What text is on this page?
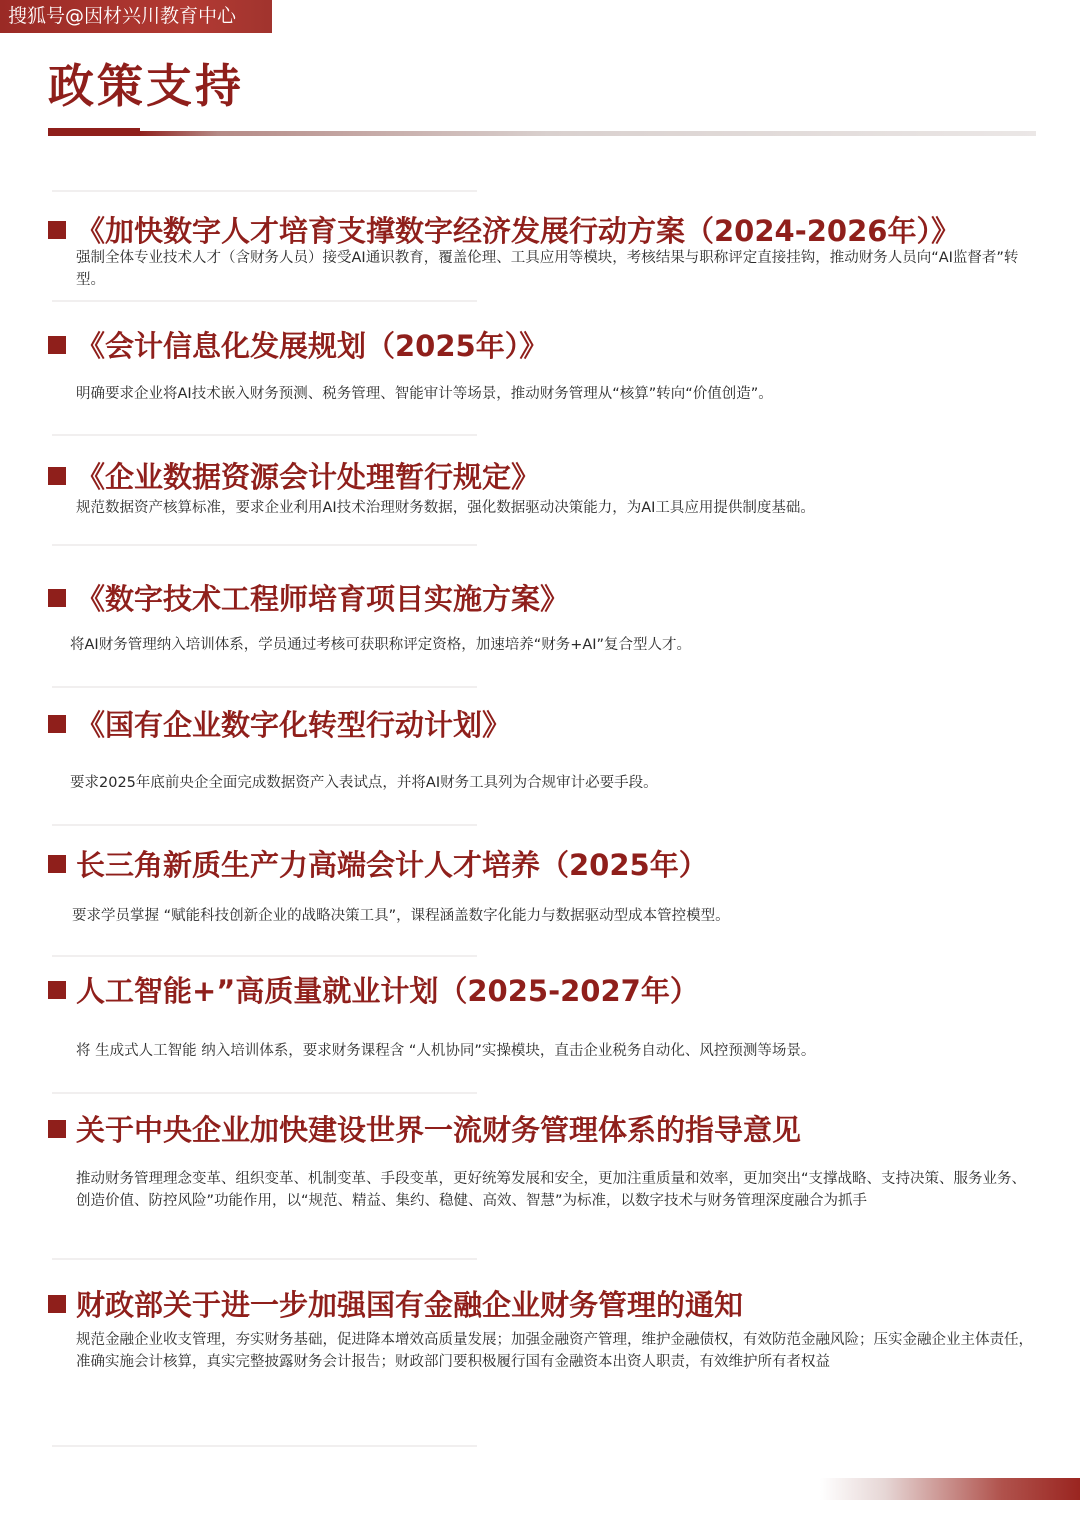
搜狐号@因材兴川教育中心
政策支持
《加快数字人才培育支撑数字经济发展行动方案（2024-2026年）》
强制全体专业技术人才（含财务人员）接受AI通识教育，覆盖伦理、工具应用等模块，考核结果与职称评定直接挂钩，推动财务人员向“AI监督者”转型。
《会计信息化发展规划（2025年）》
明确要求企业将AI技术嵌入财务预测、税务管理、智能审计等场景，推动财务管理从“核算”转向“价值创造”。
《企业数据资源会计处理暂行规定》
规范数据资产核算标准，要求企业利用AI技术治理财务数据，强化数据驱动决策能力，为AI工具应用提供制度基础。
《数字技术工程师培育项目实施方案》
将AI财务管理纳入培训体系，学员通过考核可获职称评定资格，加速培养“财务+AI”复合型人才。
《国有企业数字化转型行动计划》
要求2025年底前央企全面完成数据资产入表试点，并将AI财务工具列为合规审计必要手段。
长三角新质生产力高端会计人才培养（2025年）
要求学员掌握 “赋能科技创新企业的战略决策工具”，课程涵盖数字化能力与数据驱动型成本管控模型。
人工智能+”高质量就业计划（2025-2027年）
将 生成式人工智能 纳入培训体系，要求财务课程含 “人机协同”实操模块，直击企业税务自动化、风控预测等场景。
关于中央企业加快建设世界一流财务管理体系的指导意见
推动财务管理理念变革、组织变革、机制变革、手段变革，更好统筹发展和安全，更加注重质量和效率，更加突出“支撑战略、支持决策、服务业务、创造价值、防控风险”功能作用，以“规范、精益、集约、稳健、高效、智慧”为标准，以数字技术与财务管理深度融合为抓手
财政部关于进一步加强国有金融企业财务管理的通知
规范金融企业收支管理，夯实财务基础，促进降本增效高质量发展；加强金融资产管理，维护金融债权，有效防范金融风险；压实金融企业主体责任，准确实施会计核算，真实完整披露财务会计报告；财政部门要积极履行国有金融资本出资人职责，有效维护所有者权益
